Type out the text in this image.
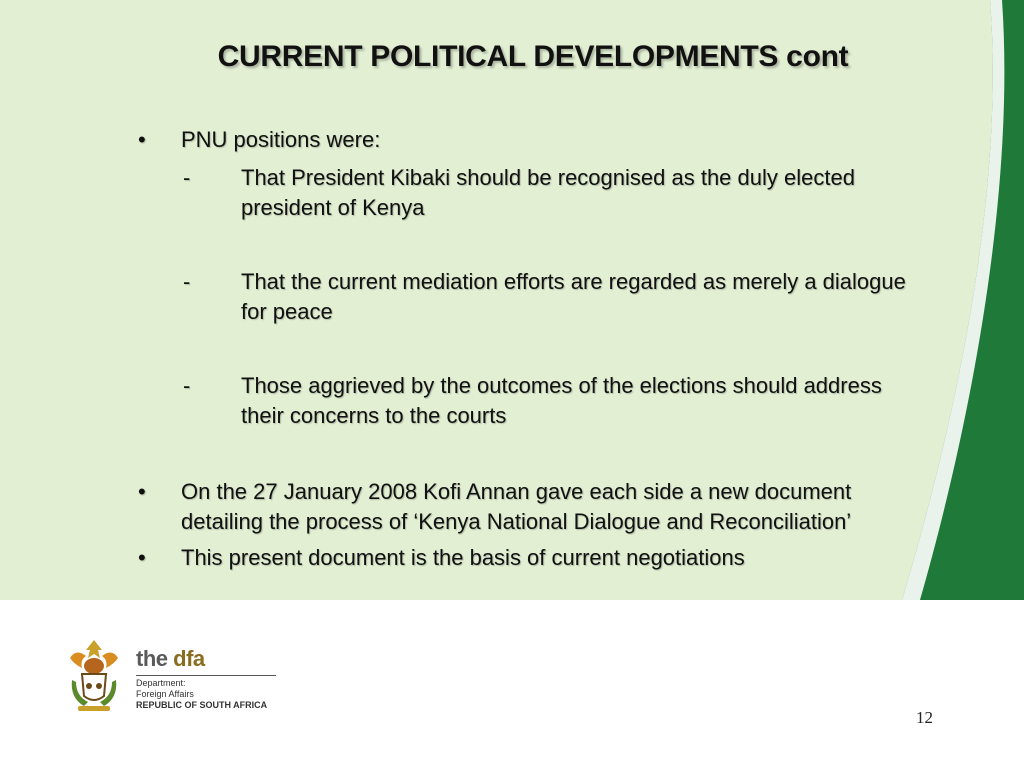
CURRENT POLITICAL DEVELOPMENTS cont
•	PNU positions were:
- That President Kibaki should be recognised as the duly elected president of Kenya
- That the current mediation efforts are regarded as merely a dialogue for peace
- Those aggrieved by the outcomes of the elections should address their concerns to the courts
•	On the 27 January 2008 Kofi Annan gave each side a new document detailing the process of ‘Kenya National Dialogue and Reconciliation’
•	This present document is the basis of current negotiations
the dfa
Department:
Foreign Affairs
REPUBLIC OF SOUTH AFRICA
12
